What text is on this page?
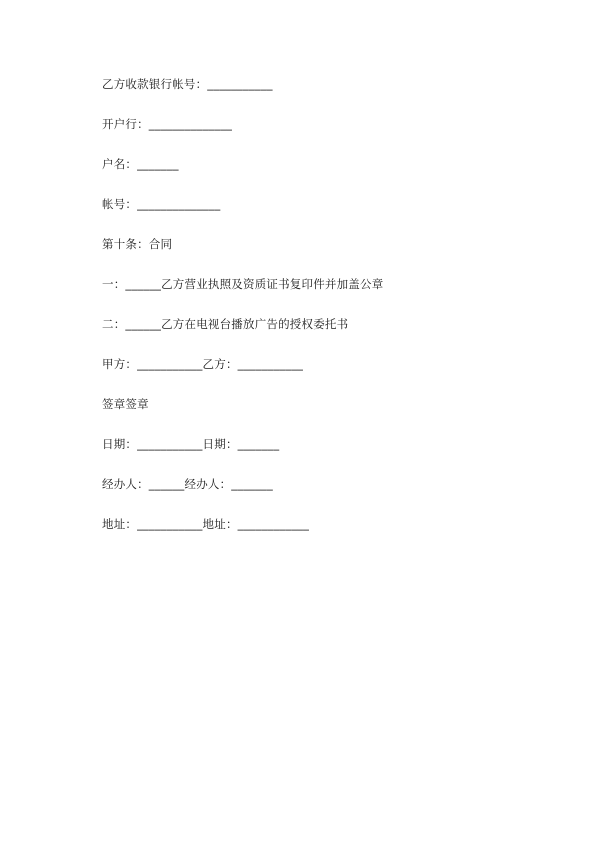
乙方收款银行帐号：___________
开户行：______________
户名：_______
帐号：______________
第十条：合同
一：______乙方营业执照及资质证书复印件并加盖公章
二：______乙方在电视台播放广告的授权委托书
甲方：___________乙方：___________
签章签章
日期：___________日期：_______
经办人：______经办人：_______
地址：___________地址：____________
